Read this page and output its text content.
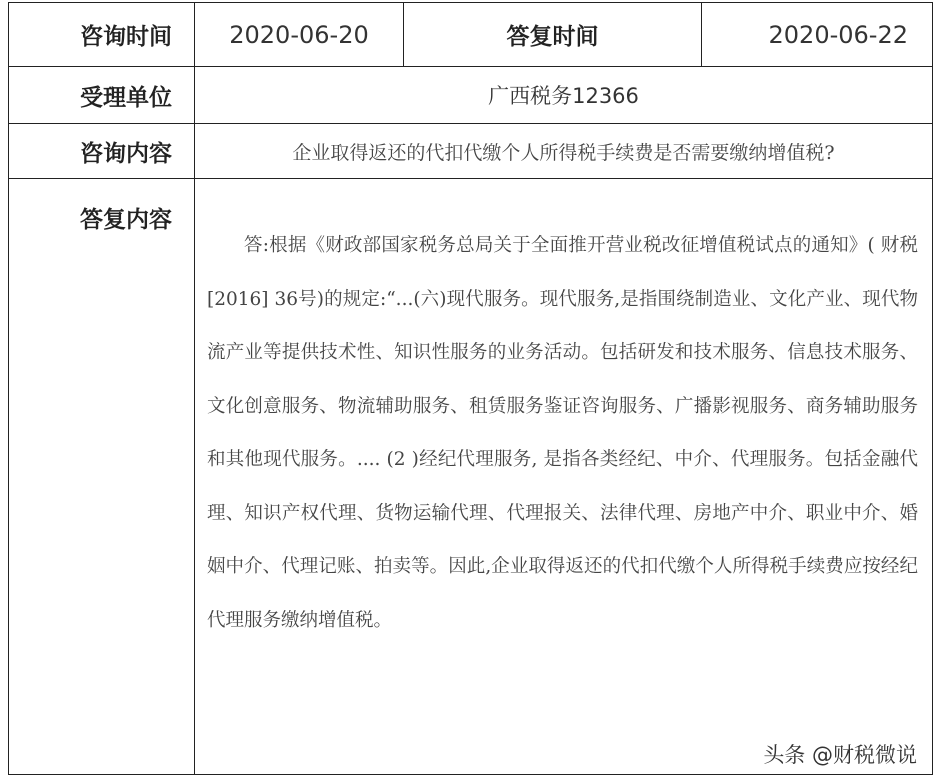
咨询时间	2020-06-20	答复时间	2020-06-22
受理单位	广西税务12366		
咨询内容	企业取得返还的代扣代缴个人所得税手续费是否需要缴纳增值税?		
答复内容	答:根据《财政部国家税务总局关于全面推开营业税改征增值税试点的通知》( 财税[2016] 36号)的规定:“...(六)现代服务。现代服务,是指围绕制造业、文化产业、现代物流产业等提供技术性、知识性服务的业务活动。包括研发和技术服务、信息技术服务、文化创意服务、物流辅助服务、租赁服务鉴证咨询服务、广播影视服务、商务辅助服务和其他现代服务。.... (2 )经纪代理服务, 是指各类经纪、中介、代理服务。包括金融代理、知识产权代理、货物运输代理、代理报关、法律代理、房地产中介、职业中介、婚姻中介、代理记账、拍卖等。因此,企业取得返还的代扣代缴个人所得税手续费应按经纪代理服务缴纳增值税。		

头条 @财税微说
